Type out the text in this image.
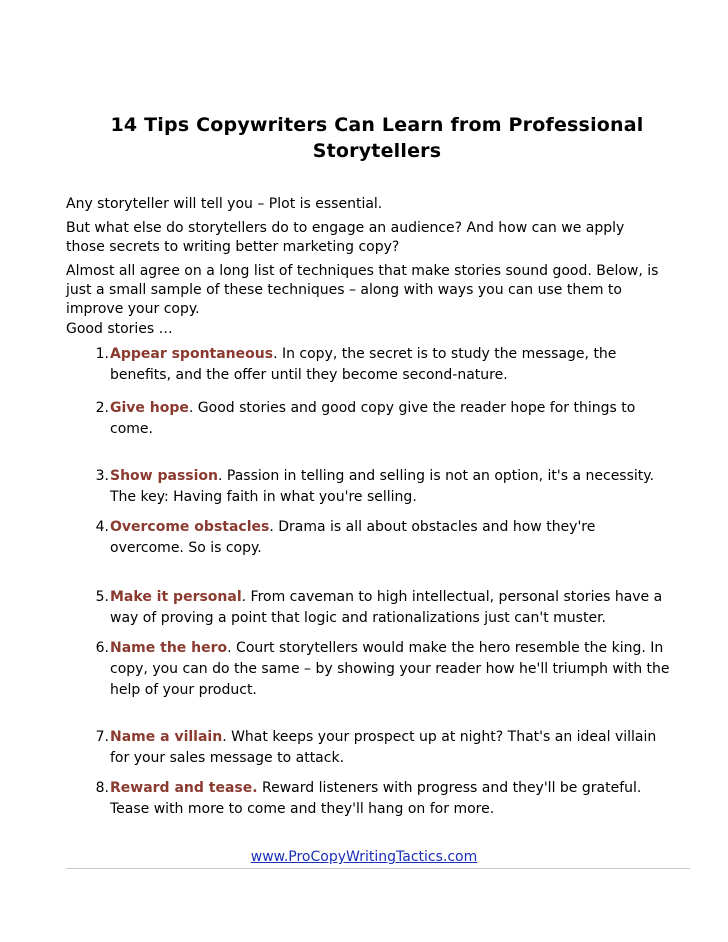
14 Tips Copywriters Can Learn from Professional Storytellers

Any storyteller will tell you – Plot is essential.

But what else do storytellers do to engage an audience? And how can we apply those secrets to writing better marketing copy?

Almost all agree on a long list of techniques that make stories sound good. Below, is just a small sample of these techniques – along with ways you can use them to improve your copy.

Good stories …

1. Appear spontaneous. In copy, the secret is to study the message, the benefits, and the offer until they become second-nature.
2. Give hope. Good stories and good copy give the reader hope for things to come.
3. Show passion. Passion in telling and selling is not an option, it's a necessity. The key: Having faith in what you're selling.
4. Overcome obstacles. Drama is all about obstacles and how they're overcome. So is copy.
5. Make it personal. From caveman to high intellectual, personal stories have a way of proving a point that logic and rationalizations just can't muster.
6. Name the hero. Court storytellers would make the hero resemble the king. In copy, you can do the same – by showing your reader how he'll triumph with the help of your product.
7. Name a villain. What keeps your prospect up at night? That's an ideal villain for your sales message to attack.
8. Reward and tease. Reward listeners with progress and they'll be grateful. Tease with more to come and they'll hang on for more.
www.ProCopyWritingTactics.com
